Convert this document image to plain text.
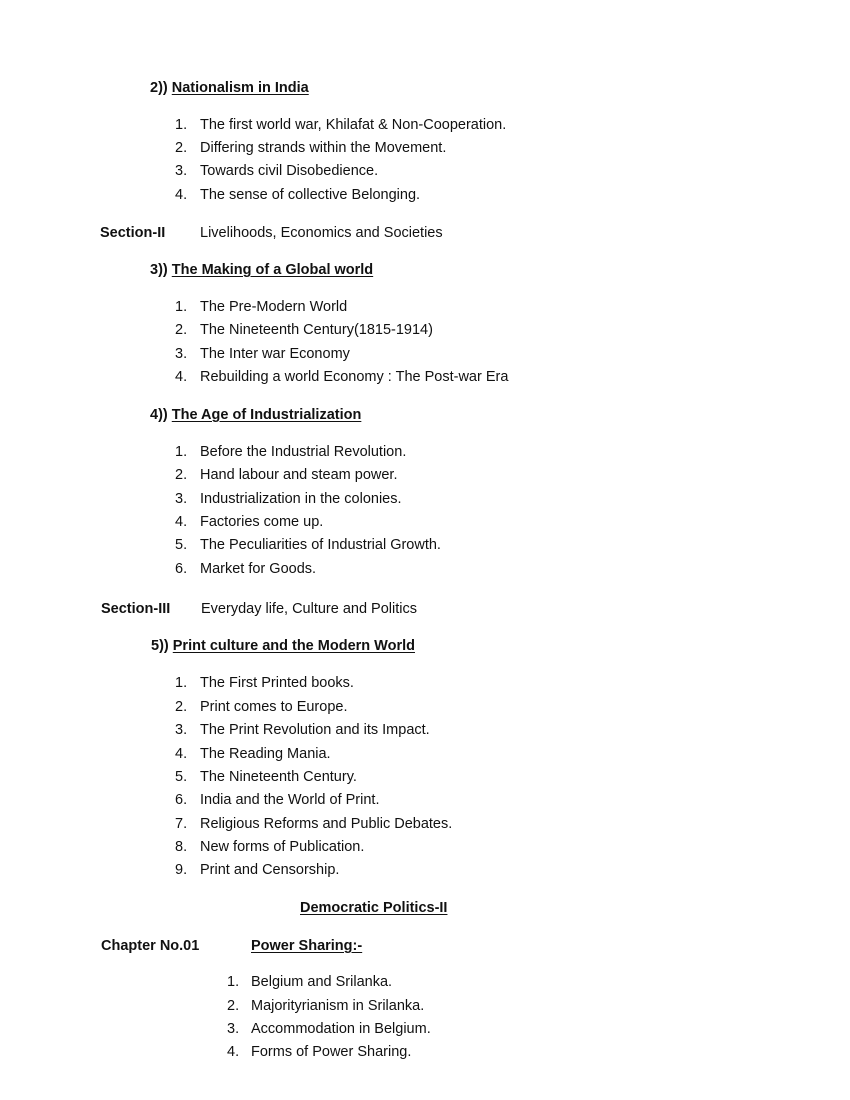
2)) Nationalism in India
1. The first world war, Khilafat & Non-Cooperation.
2. Differing strands within the Movement.
3. Towards civil Disobedience.
4. The sense of collective Belonging.
Section-II Livelihoods, Economics and Societies
3)) The Making of a Global world
1. The Pre-Modern World
2. The Nineteenth Century(1815-1914)
3. The Inter war Economy
4. Rebuilding a world Economy : The Post-war Era
4)) The Age of Industrialization
1. Before the Industrial Revolution.
2. Hand labour and steam power.
3. Industrialization in the colonies.
4. Factories come up.
5. The Peculiarities of Industrial Growth.
6. Market for Goods.
Section-III Everyday life, Culture and Politics
5)) Print culture and the Modern World
1. The First Printed books.
2. Print comes to Europe.
3. The Print Revolution and its Impact.
4. The Reading Mania.
5. The Nineteenth Century.
6. India and the World of Print.
7. Religious Reforms and Public Debates.
8. New forms of Publication.
9. Print and Censorship.
Democratic Politics-II
Chapter No.01	Power Sharing:-
1. Belgium and Srilanka.
2. Majorityrianism in Srilanka.
3. Accommodation in Belgium.
4. Forms of Power Sharing.
